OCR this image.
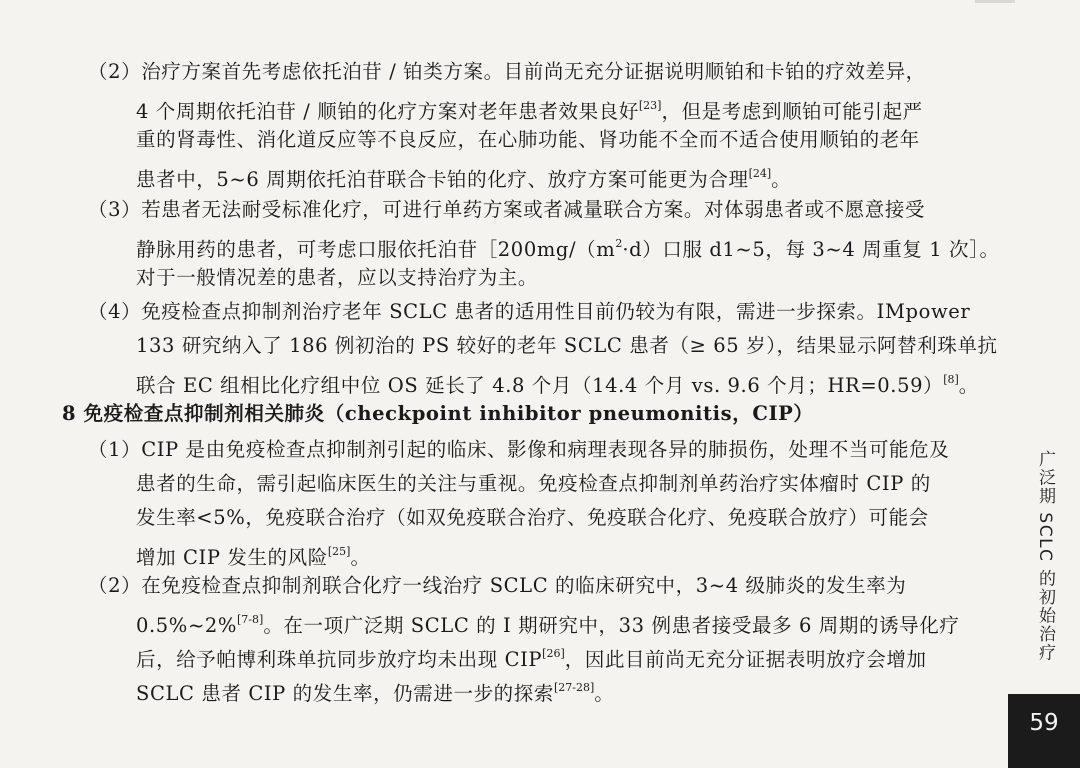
（2）治疗方案首先考虑依托泊苷 / 铂类方案。目前尚无充分证据说明顺铂和卡铂的疗效差异，
4 个周期依托泊苷 / 顺铂的化疗方案对老年患者效果良好[23]，但是考虑到顺铂可能引起严
重的肾毒性、消化道反应等不良反应，在心肺功能、肾功能不全而不适合使用顺铂的老年
患者中，5~6 周期依托泊苷联合卡铂的化疗、放疗方案可能更为合理[24]。
（3）若患者无法耐受标准化疗，可进行单药方案或者减量联合方案。对体弱患者或不愿意接受
静脉用药的患者，可考虑口服依托泊苷$[200mg/(m^2\cdot d)$口服 d1~5，每 3~4 周重复 1 次］。
对于一般情况差的患者，应以支持治疗为主。
（4）免疫检查点抑制剂治疗老年 SCLC 患者的适用性目前仍较为有限，需进一步探索。IMpower
133 研究纳入了 186 例初治的 PS 较好的老年 SCLC 患者（≥ 65 岁），结果显示阿替利珠单抗
联合 EC 组相比化疗组中位 OS 延长了 4.8 个月（14.4 个月 vs. 9.6 个月；HR=0.59）[8]。
8 免疫检查点抑制剂相关肺炎（checkpoint inhibitor pneumonitis，CIP）
（1）CIP 是由免疫检查点抑制剂引起的临床、影像和病理表现各异的肺损伤，处理不当可能危及
患者的生命，需引起临床医生的关注与重视。免疫检查点抑制剂单药治疗实体瘤时 CIP 的
发生率<5%，免疫联合治疗（如双免疫联合治疗、免疫联合化疗、免疫联合放疗）可能会
增加 CIP 发生的风险[25]。
（2）在免疫检查点抑制剂联合化疗一线治疗 SCLC 的临床研究中，3~4 级肺炎的发生率为
0.5%~2%[7-8]。在一项广泛期 SCLC 的 Ⅰ 期研究中，33 例患者接受最多 6 周期的诱导化疗
后，给予帕博利珠单抗同步放疗均未出现 CIP[26]，因此目前尚无充分证据表明放疗会增加
SCLC 患者 CIP 的发生率，仍需进一步的探索[27-28]。
广泛期 SCLC 的初始治疗
59
